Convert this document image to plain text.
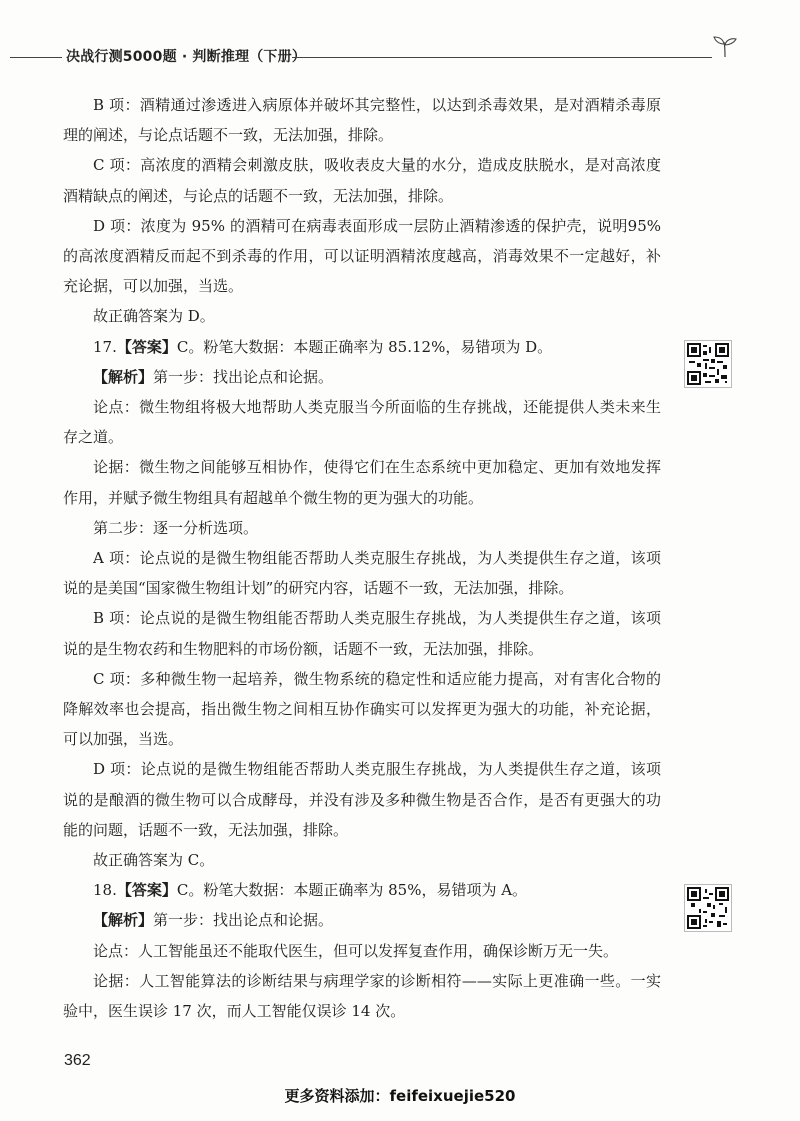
决战行测5000题 · 判断推理（下册）

B 项：酒精通过渗透进入病原体并破坏其完整性，以达到杀毒效果，是对酒精杀毒原理的阐述，与论点话题不一致，无法加强，排除。

C 项：高浓度的酒精会刺激皮肤，吸收表皮大量的水分，造成皮肤脱水，是对高浓度酒精缺点的阐述，与论点的话题不一致，无法加强，排除。

D 项：浓度为 95% 的酒精可在病毒表面形成一层防止酒精渗透的保护壳，说明95% 的高浓度酒精反而起不到杀毒的作用，可以证明酒精浓度越高，消毒效果不一定越好，补充论据，可以加强，当选。

故正确答案为 D。

17.【答案】C。粉笔大数据：本题正确率为 85.12%，易错项为 D。

【解析】第一步：找出论点和论据。

论点：微生物组将极大地帮助人类克服当今所面临的生存挑战，还能提供人类未来生存之道。

论据：微生物之间能够互相协作，使得它们在生态系统中更加稳定、更加有效地发挥作用，并赋予微生物组具有超越单个微生物的更为强大的功能。

第二步：逐一分析选项。

A 项：论点说的是微生物组能否帮助人类克服生存挑战，为人类提供生存之道，该项说的是美国“国家微生物组计划”的研究内容，话题不一致，无法加强，排除。

B 项：论点说的是微生物组能否帮助人类克服生存挑战，为人类提供生存之道，该项说的是生物农药和生物肥料的市场份额，话题不一致，无法加强，排除。

C 项：多种微生物一起培养，微生物系统的稳定性和适应能力提高，对有害化合物的降解效率也会提高，指出微生物之间相互协作确实可以发挥更为强大的功能，补充论据，可以加强，当选。

D 项：论点说的是微生物组能否帮助人类克服生存挑战，为人类提供生存之道，该项说的是酿酒的微生物可以合成酵母，并没有涉及多种微生物是否合作，是否有更强大的功能的问题，话题不一致，无法加强，排除。

故正确答案为 C。

18.【答案】C。粉笔大数据：本题正确率为 85%，易错项为 A。

【解析】第一步：找出论点和论据。

论点：人工智能虽还不能取代医生，但可以发挥复查作用，确保诊断万无一失。

论据：人工智能算法的诊断结果与病理学家的诊断相符——实际上更准确一些。一实验中，医生误诊 17 次，而人工智能仅误诊 14 次。

362
更多资料添加：feifeixuejie520
